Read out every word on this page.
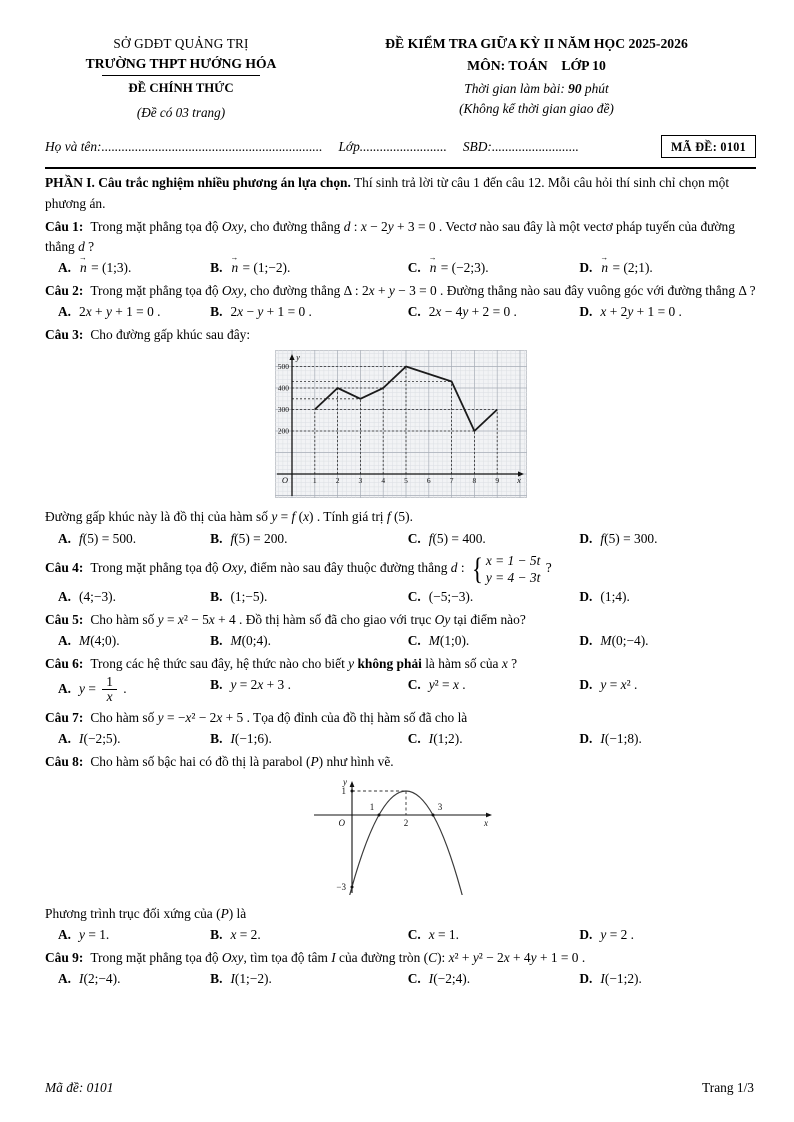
SỞ GDĐT QUẢNG TRỊ
TRƯỜNG THPT HƯỚNG HÓA
ĐỀ CHÍNH THỨC
(Đề có 03 trang)
ĐỀ KIỂM TRA GIỮA KỲ II NĂM HỌC 2025-2026
MÔN: TOÁN LỚP 10
Thời gian làm bài: 90 phút
(Không kể thời gian giao đề)
Họ và tên:.................................................................. Lớp.......................... SBD:..........................	MÃ ĐỀ: 0101

PHẦN I. Câu trắc nghiệm nhiều phương án lựa chọn. Thí sinh trả lời từ câu 1 đến câu 12. Mỗi câu hỏi thí sinh chỉ chọn một phương án.

Câu 1: Trong mặt phẳng tọa độ Oxy, cho đường thẳng d : x − 2y + 3 = 0 . Vectơ nào sau đây là một vectơ pháp tuyến của đường thẳng d ?

A. n → = (1;3).	B. n → = (1;−2).	C. n → = (−2;3).	D. n → = (2;1).

Câu 2: Trong mặt phẳng tọa độ Oxy, cho đường thẳng Δ : 2x + y − 3 = 0 . Đường thẳng nào sau đây vuông góc với đường thẳng Δ ?

A. 2x + y + 1 = 0 .	B. 2x − y + 1 = 0 .	C. 2x − 4y + 2 = 0 .	D. x + 2y + 1 = 0 .

Câu 3: Cho đường gấp khúc sau đây:

200
300
400
500
1	2	3	4	5	6	7	8	9
y
x
O

Đường gấp khúc này là đồ thị của hàm số y = f (x) . Tính giá trị f (5).

A. f(5) = 500.	B. f(5) = 200.	C. f(5) = 400.	D. f(5) = 300.

Câu 4: Trong mặt phẳng tọa độ Oxy, điểm nào sau đây thuộc đường thẳng d : { x = 1 − 5t
y = 4 − 3t
?

A. (4;−3).	B. (1;−5).	C. (−5;−3).	D. (1;4).

Câu 5: Cho hàm số y = x² − 5x + 4 . Đồ thị hàm số đã cho giao với trục Oy tại điểm nào?

A. M(4;0).	B. M(0;4).	C. M(1;0).	D. M(0;−4).

Câu 6: Trong các hệ thức sau đây, hệ thức nào cho biết y không phải là hàm số của x ?

A. $y = \frac{1}{x}$ .	B. y = 2x + 3 .	C. y² = x .	D. y = x² .

Câu 7: Cho hàm số y = −x² − 2x + 5 . Tọa độ đỉnh của đồ thị hàm số đã cho là

A. I(−2;5).	B. I(−1;6).	C. I(1;2).	D. I(−1;8).

Câu 8: Cho hàm số bậc hai có đồ thị là parabol (P) như hình vẽ.

1
2
3
1
−3
O	x
y

Phương trình trục đối xứng của (P) là

A. y = 1.	B. x = 2.	C. x = 1.	D. y = 2 .

Câu 9: Trong mặt phẳng tọa độ Oxy, tìm tọa độ tâm I của đường tròn (C): x² + y² − 2x + 4y + 1 = 0 .

A. I(2;−4).	B. I(1;−2).	C. I(−2;4).	D. I(−1;2).
Mã đề: 0101	Trang 1/3
